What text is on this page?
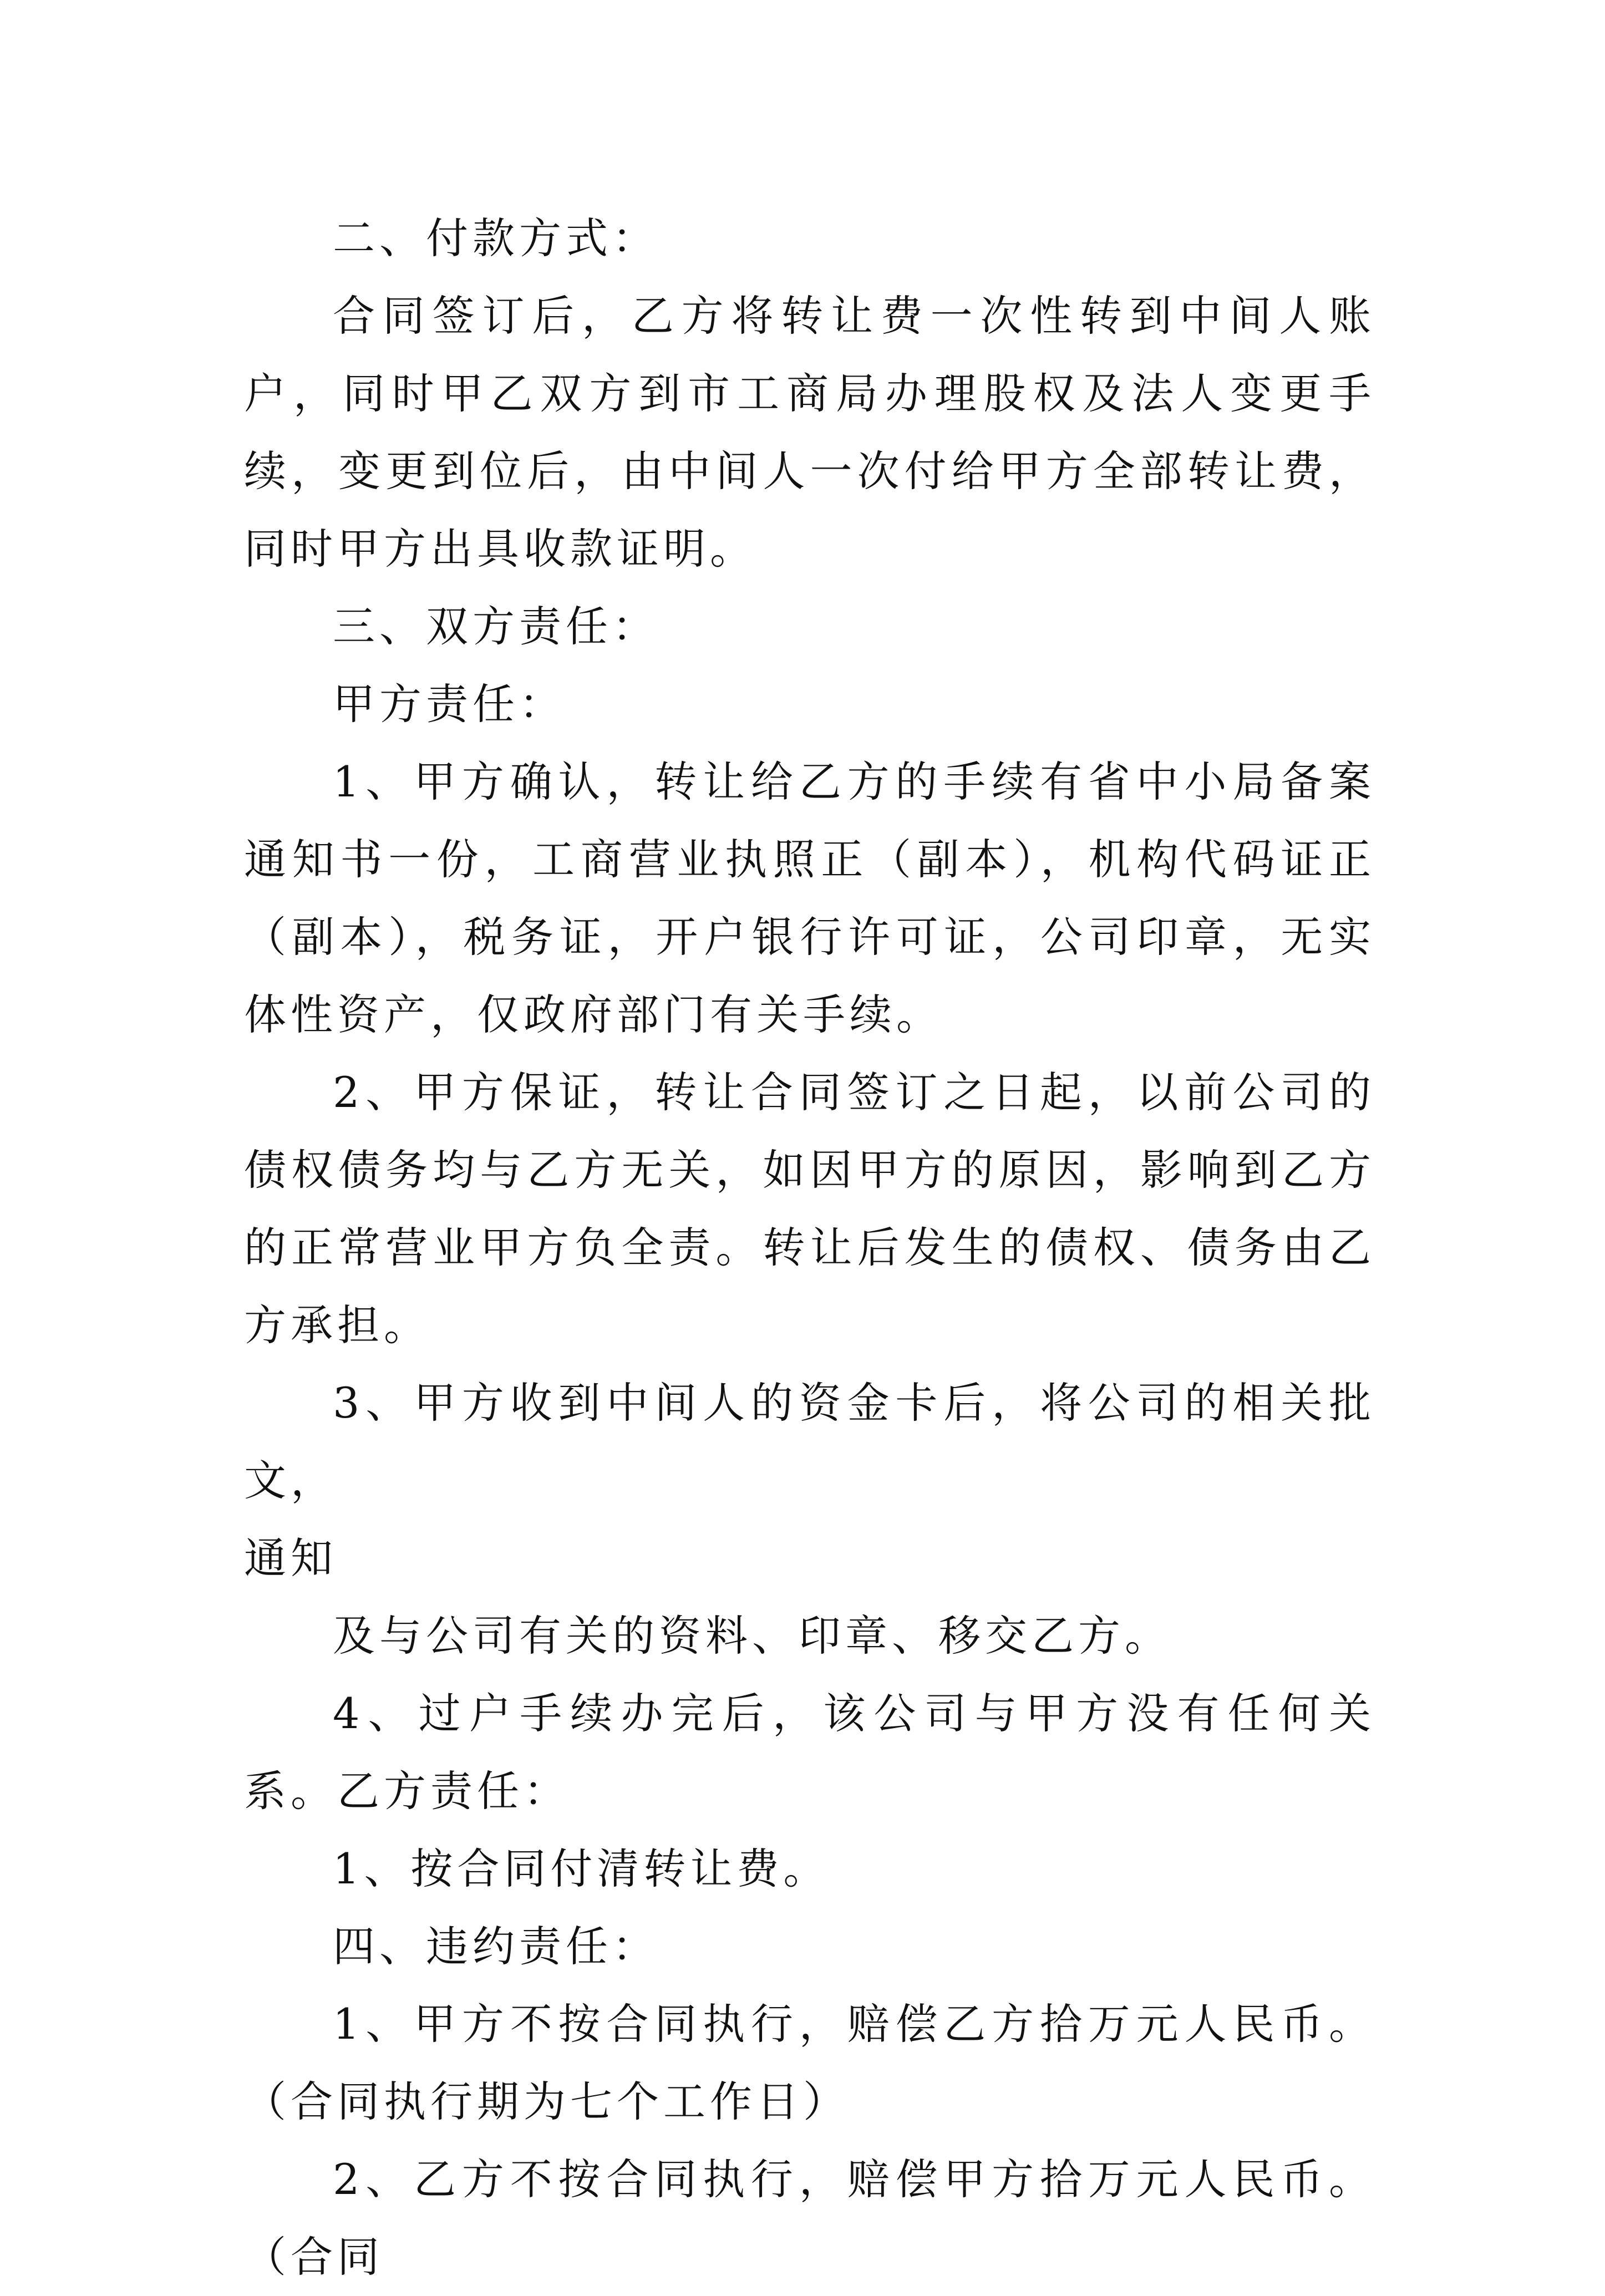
二、付款方式：

合同签订后，乙方将转让费一次性转到中间人账户，同时甲乙双方到市工商局办理股权及法人变更手续，变更到位后，由中间人一次付给甲方全部转让费，同时甲方出具收款证明。

三、双方责任：

甲方责任：

1、甲方确认，转让给乙方的手续有省中小局备案通知书一份，工商营业执照正（副本），机构代码证正（副本），税务证，开户银行许可证，公司印章，无实体性资产，仅政府部门有关手续。

2、甲方保证，转让合同签订之日起，以前公司的债权债务均与乙方无关，如因甲方的原因，影响到乙方的正常营业甲方负全责。转让后发生的债权、债务由乙方承担。

3、甲方收到中间人的资金卡后，将公司的相关批文，

通知

及与公司有关的资料、印章、移交乙方。

4、过户手续办完后，该公司与甲方没有任何关系。乙方责任：

1、按合同付清转让费。

四、违约责任：

1、甲方不按合同执行，赔偿乙方拾万元人民币。（合同执行期为七个工作日）

2、乙方不按合同执行，赔偿甲方拾万元人民币。（合同
